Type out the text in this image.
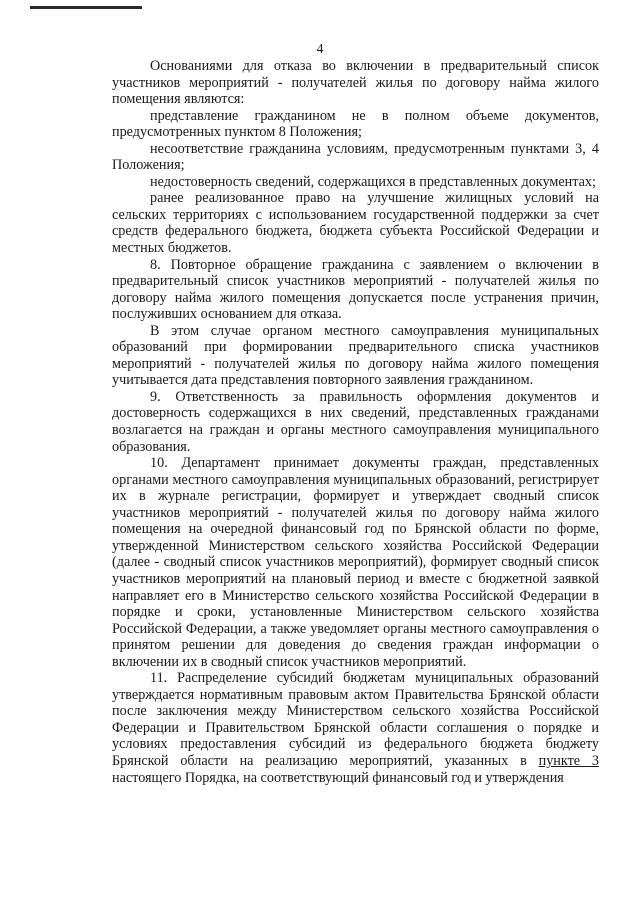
4

Основаниями для отказа во включении в предварительный список участников мероприятий - получателей жилья по договору найма жилого помещения являются:

представление гражданином не в полном объеме документов, предусмотренных пунктом 8 Положения;

несоответствие гражданина условиям, предусмотренным пунктами 3, 4 Положения;

недостоверность сведений, содержащихся в представленных документах;

ранее реализованное право на улучшение жилищных условий на сельских территориях с использованием государственной поддержки за счет средств федерального бюджета, бюджета субъекта Российской Федерации и местных бюджетов.

8. Повторное обращение гражданина с заявлением о включении в предварительный список участников мероприятий - получателей жилья по договору найма жилого помещения допускается после устранения причин, послуживших основанием для отказа.

В этом случае органом местного самоуправления муниципальных образований при формировании предварительного списка участников мероприятий - получателей жилья по договору найма жилого помещения учитывается дата представления повторного заявления гражданином.

9. Ответственность за правильность оформления документов и достоверность содержащихся в них сведений, представленных гражданами возлагается на граждан и органы местного самоуправления муниципального образования.

10. Департамент принимает документы граждан, представленных органами местного самоуправления муниципальных образований, регистрирует их в журнале регистрации, формирует и утверждает сводный список участников мероприятий - получателей жилья по договору найма жилого помещения на очередной финансовый год по Брянской области по форме, утвержденной Министерством сельского хозяйства Российской Федерации (далее - сводный список участников мероприятий), формирует сводный список участников мероприятий на плановый период и вместе с бюджетной заявкой направляет его в Министерство сельского хозяйства Российской Федерации в порядке и сроки, установленные Министерством сельского хозяйства Российской Федерации, а также уведомляет органы местного самоуправления о принятом решении для доведения до сведения граждан информации о включении их в сводный список участников мероприятий.

11. Распределение субсидий бюджетам муниципальных образований утверждается нормативным правовым актом Правительства Брянской области после заключения между Министерством сельского хозяйства Российской Федерации и Правительством Брянской области соглашения о порядке и условиях предоставления субсидий из федерального бюджета бюджету Брянской области на реализацию мероприятий, указанных в пункте 3 настоящего Порядка, на соответствующий финансовый год и утверждения
